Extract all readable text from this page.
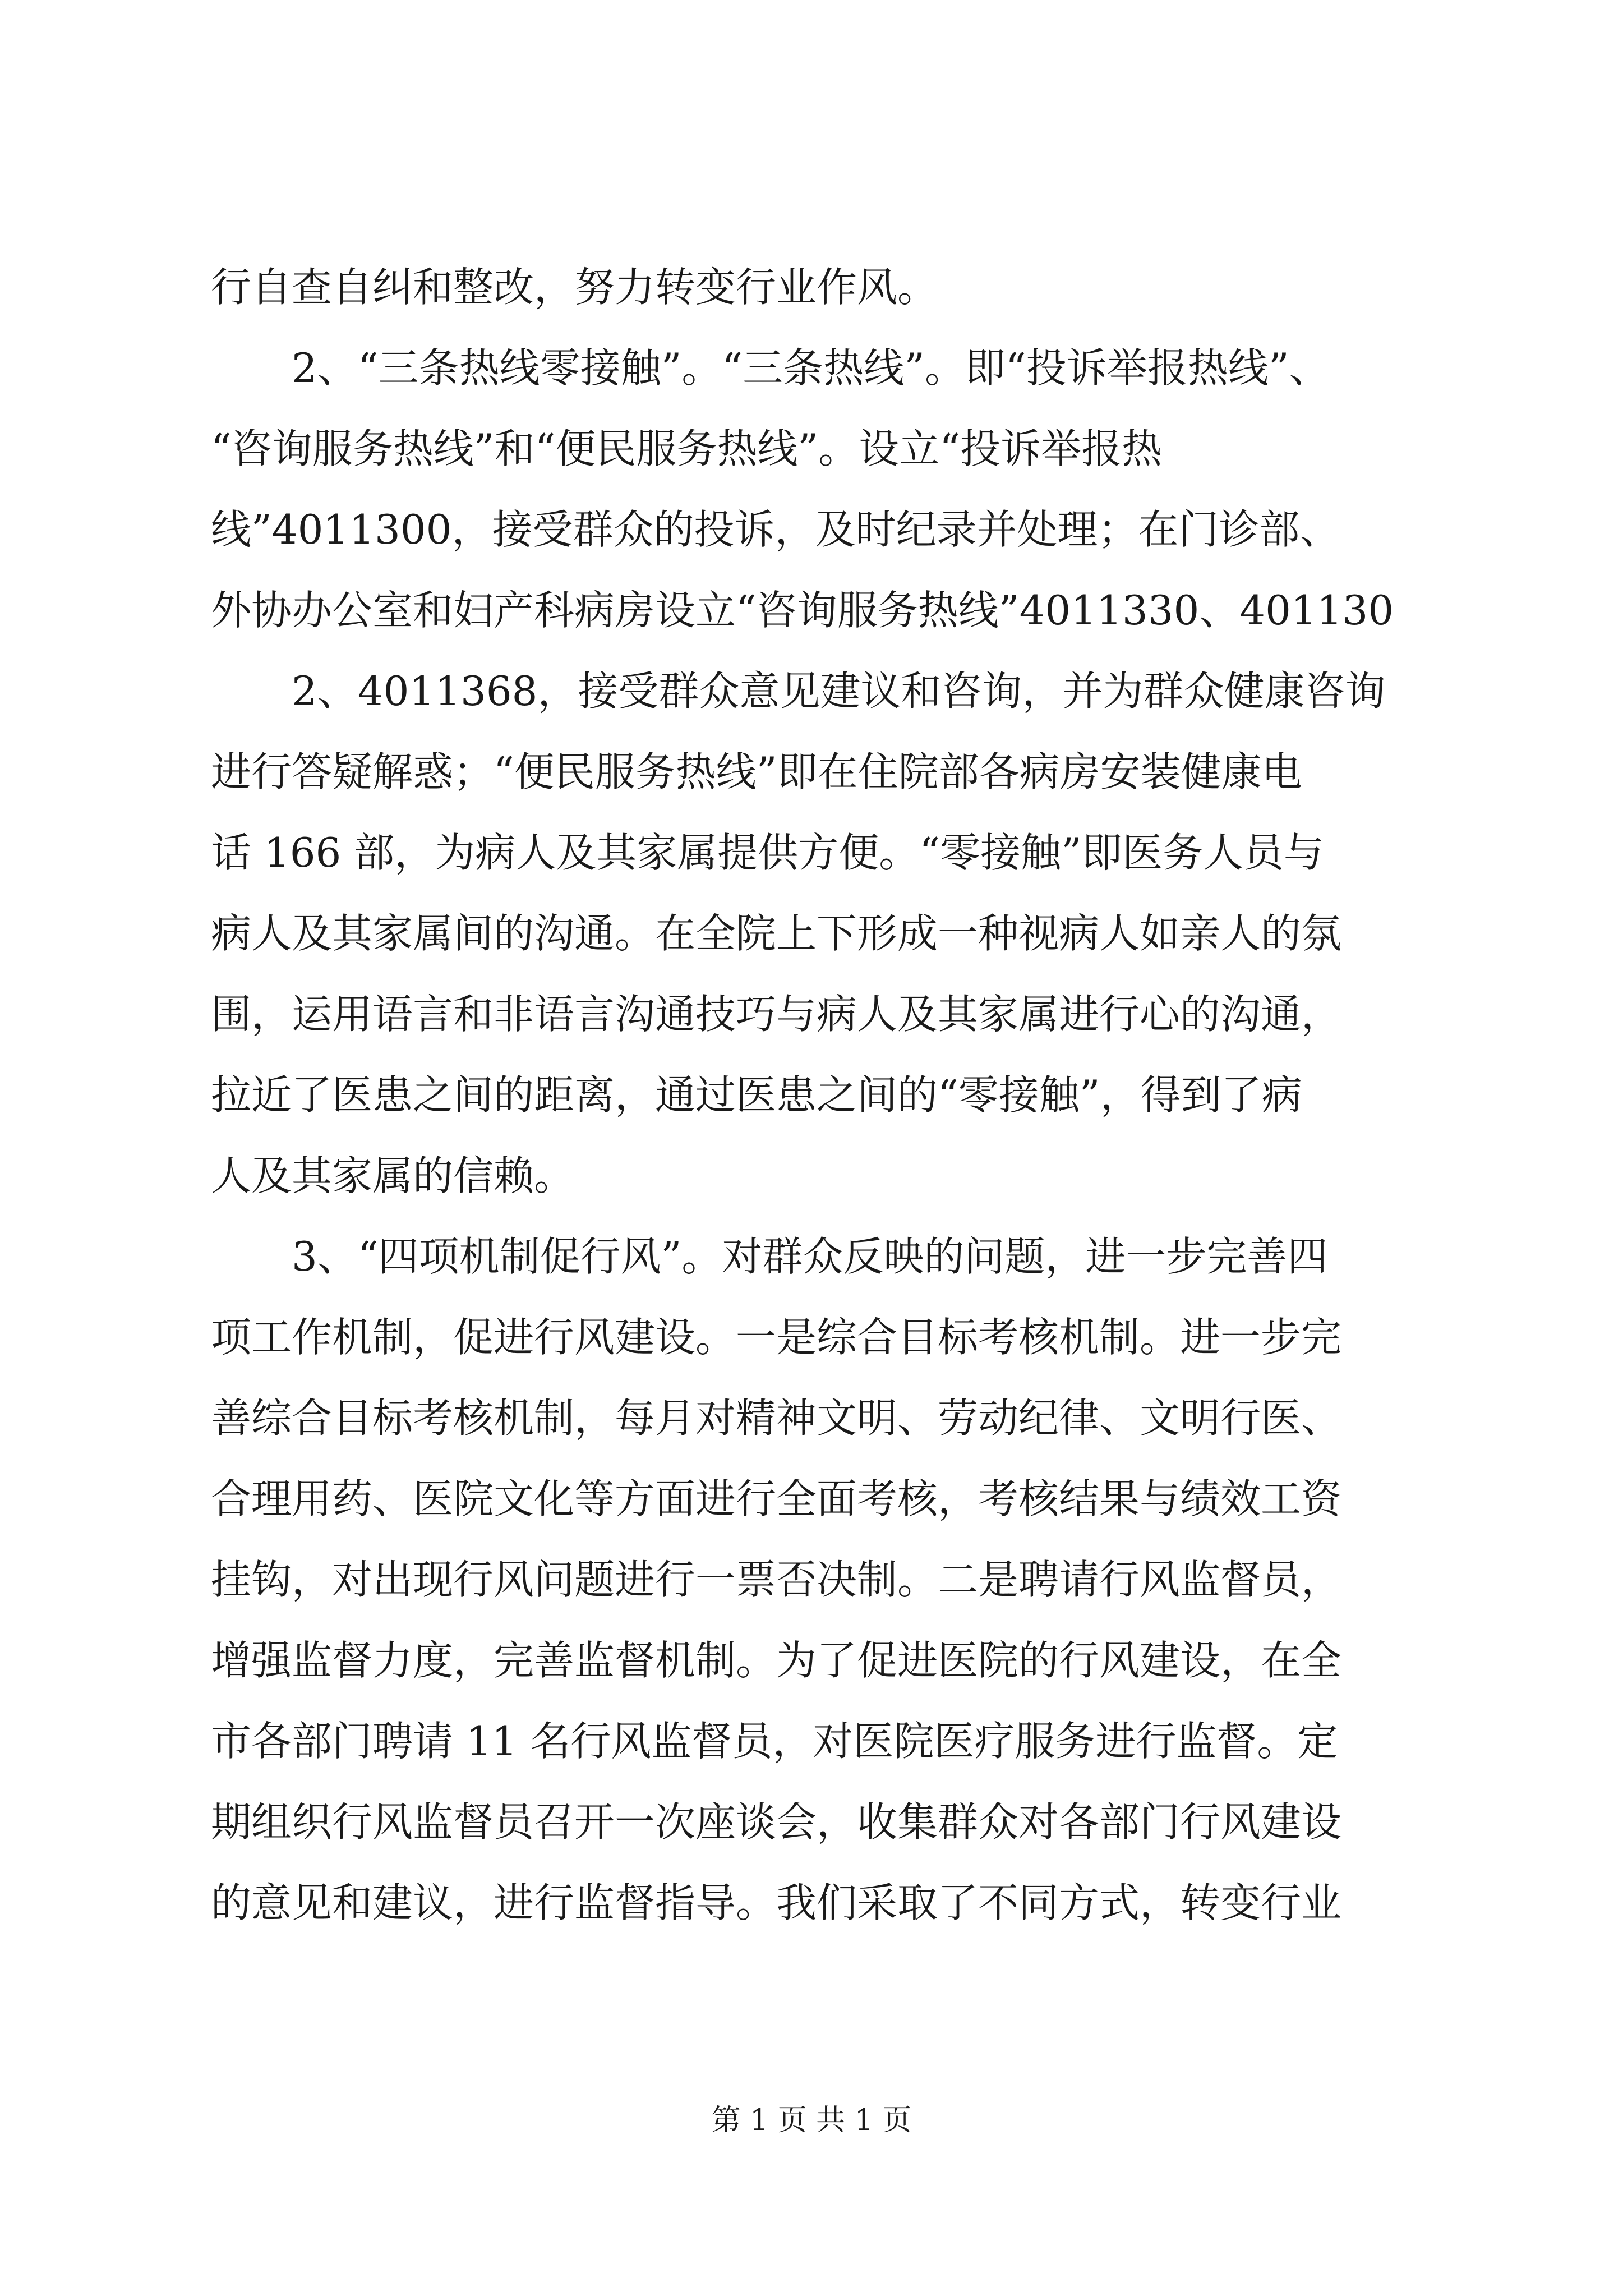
行自查自纠和整改，努力转变行业作风。
　　2、“三条热线零接触”。“三条热线”。即“投诉举报热线”、
“咨询服务热线”和“便民服务热线”。设立“投诉举报热
线”4011300，接受群众的投诉，及时纪录并处理；在门诊部、
外协办公室和妇产科病房设立“咨询服务热线”4011330、401130
　　2、4011368，接受群众意见建议和咨询，并为群众健康咨询
进行答疑解惑；“便民服务热线”即在住院部各病房安装健康电
话 166 部，为病人及其家属提供方便。“零接触”即医务人员与
病人及其家属间的沟通。在全院上下形成一种视病人如亲人的氛
围，运用语言和非语言沟通技巧与病人及其家属进行心的沟通，
拉近了医患之间的距离，通过医患之间的“零接触”，得到了病
人及其家属的信赖。
　　3、“四项机制促行风”。对群众反映的问题，进一步完善四
项工作机制，促进行风建设。一是综合目标考核机制。进一步完
善综合目标考核机制，每月对精神文明、劳动纪律、文明行医、
合理用药、医院文化等方面进行全面考核，考核结果与绩效工资
挂钩，对出现行风问题进行一票否决制。二是聘请行风监督员，
增强监督力度，完善监督机制。为了促进医院的行风建设，在全
市各部门聘请 11 名行风监督员，对医院医疗服务进行监督。定
期组织行风监督员召开一次座谈会，收集群众对各部门行风建设
的意见和建议，进行监督指导。我们采取了不同方式，转变行业
第 1 页 共 1 页
